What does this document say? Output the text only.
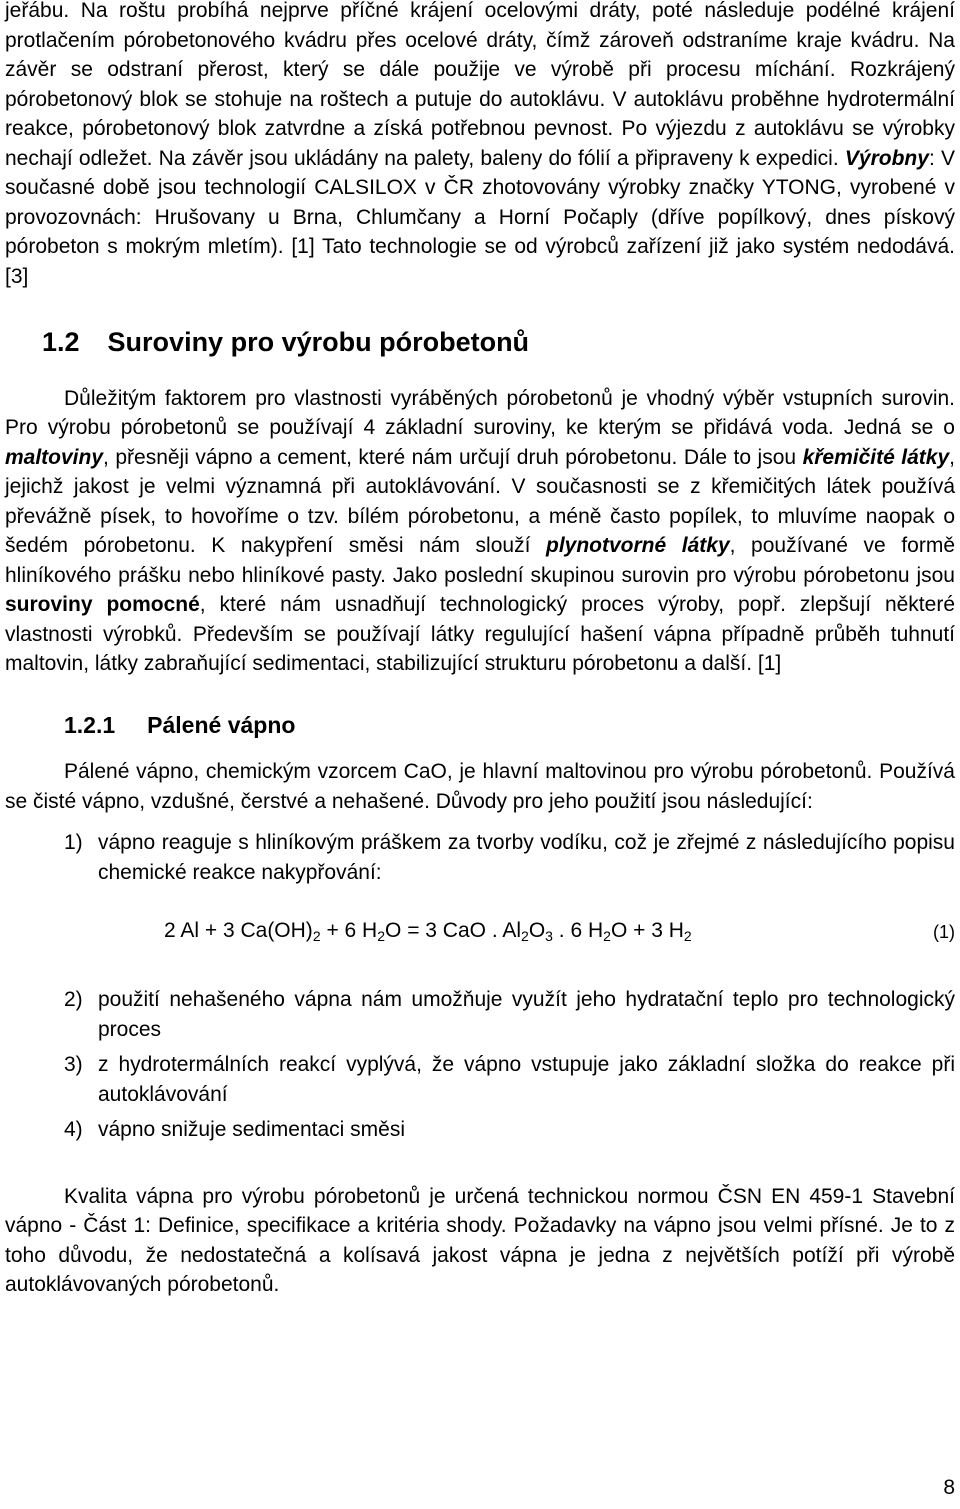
jeřábu. Na roštu probíhá nejprve příčné krájení ocelovými dráty, poté následuje podélné krájení protlačením pórobetonového kvádru přes ocelové dráty, čímž zároveň odstraníme kraje kvádru. Na závěr se odstraní přerost, který se dále použije ve výrobě při procesu míchání. Rozkrájený pórobetonový blok se stohuje na roštech a putuje do autoklávu. V autoklávu proběhne hydrotermální reakce, pórobetonový blok zatvrdne a získá potřebnou pevnost. Po výjezdu z autoklávu se výrobky nechají odležet. Na závěr jsou ukládány na palety, baleny do fólií a připraveny k expedici. Výrobny: V současné době jsou technologií CALSILOX v ČR zhotovovány výrobky značky YTONG, vyrobené v provozovnách: Hrušovany u Brna, Chlumčany a Horní Počaply (dříve popílkový, dnes pískový pórobeton s mokrým mletím). [1] Tato technologie se od výrobců zařízení již jako systém nedodává. [3]

1.2 Suroviny pro výrobu pórobetonů

Důležitým faktorem pro vlastnosti vyráběných pórobetonů je vhodný výběr vstupních surovin. Pro výrobu pórobetonů se používají 4 základní suroviny, ke kterým se přidává voda. Jedná se o maltoviny, přesněji vápno a cement, které nám určují druh pórobetonu. Dále to jsou křemičité látky, jejichž jakost je velmi významná při autoklávování. V současnosti se z křemičitých látek používá převážně písek, to hovoříme o tzv. bílém pórobetonu, a méně často popílek, to mluvíme naopak o šedém pórobetonu. K nakypření směsi nám slouží plynotvorné látky, používané ve formě hliníkového prášku nebo hliníkové pasty. Jako poslední skupinou surovin pro výrobu pórobetonu jsou suroviny pomocné, které nám usnadňují technologický proces výroby, popř. zlepšují některé vlastnosti výrobků. Především se používají látky regulující hašení vápna případně průběh tuhnutí maltovin, látky zabraňující sedimentaci, stabilizující strukturu pórobetonu a další. [1]

1.2.1 Pálené vápno

Pálené vápno, chemickým vzorcem CaO, je hlavní maltovinou pro výrobu pórobetonů. Používá se čisté vápno, vzdušné, čerstvé a nehašené. Důvody pro jeho použití jsou následující:

1) vápno reaguje s hliníkovým práškem za tvorby vodíku, což je zřejmé z následujícího popisu chemické reakce nakypřování:

2 Al + 3 $Ca(OH)_2 + 6$ $H_2O = 3$ CaO . $Al_2O_3$ . 6 $H_2O + 3$ $H_2$	(1)

2) použití nehašeného vápna nám umožňuje využít jeho hydratační teplo pro technologický proces

3) z hydrotermálních reakcí vyplývá, že vápno vstupuje jako základní složka do reakce při autoklávování

4) vápno snižuje sedimentaci směsi

Kvalita vápna pro výrobu pórobetonů je určená technickou normou ČSN EN 459-1 Stavební vápno - Část 1: Definice, specifikace a kritéria shody. Požadavky na vápno jsou velmi přísné. Je to z toho důvodu, že nedostatečná a kolísavá jakost vápna je jedna z největších potíží při výrobě autoklávovaných pórobetonů.

8
